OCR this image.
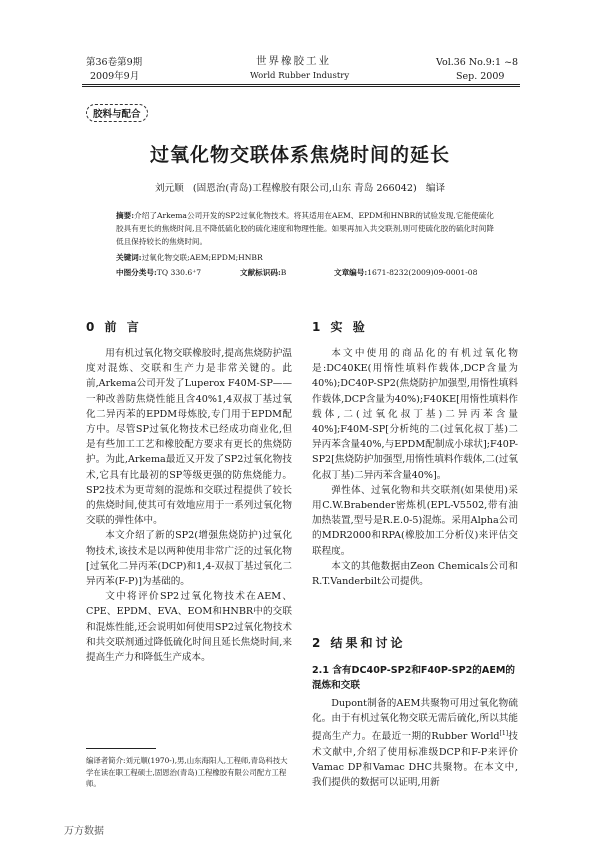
第36卷第9期
2009年9月
世界橡胶工业
World Rubber Industry
Vol.36 No.9:1 ~8
Sep. 2009
胶料与配合
过氧化物交联体系焦烧时间的延长
刘元顺   (固恩治(青岛)工程橡胶有限公司,山东 青岛 266042)   编译
摘要:介绍了Arkema公司开发的SP2过氧化物技术。将其适用在AEM、EPDM和HNBR的试验发现,它能使硫化胶具有更长的焦烧时间,且不降低硫化胶的硫化速度和物理性能。如果再加入共交联剂,则可使硫化胶的硫化时间降低且保持较长的焦烧时间。
关键词:过氧化物交联;AEM;EPDM;HNBR
中图分类号:TQ 330.6⁺7	文献标识码:B	文章编号:1671-8232(2009)09-0001-08
0 前 言

用有机过氧化物交联橡胶时,提高焦烧防护温度对混炼、交联和生产力是非常关键的。此前,Arkema公司开发了Luperox F40M-SP——一种改善防焦烧性能且含40%1,4双叔丁基过氧化二异丙苯的EPDM母炼胶,专门用于EPDM配方中。尽管SP过氧化物技术已经成功商业化,但是有些加工工艺和橡胶配方要求有更长的焦烧防护。为此,Arkema最近又开发了SP2过氧化物技术,它具有比最初的SP等级更强的防焦烧能力。SP2技术为更苛刻的混炼和交联过程提供了较长的焦烧时间,使其可有效地应用于一系列过氧化物交联的弹性体中。

本文介绍了新的SP2(增强焦烧防护)过氧化物技术,该技术是以两种使用非常广泛的过氧化物[过氧化二异丙苯(DCP)和1,4-双叔丁基过氧化二异丙苯(F-P)]为基础的。

文中将评价SP2过氧化物技术在AEM、CPE、EPDM、EVA、EOM和HNBR中的交联和混炼性能,还会说明如何使用SP2过氧化物技术和共交联剂通过降低硫化时间且延长焦烧时间,来提高生产力和降低生产成本。

编译者简介:刘元顺(1970-),男,山东海阳人,工程师,青岛科技大学在读在职工程硕士,固恩治(青岛)工程橡胶有限公司配方工程师。
1 实 验

本文中使用的商品化的有机过氧化物是:DC40KE(用惰性填料作载体,DCP含量为40%);DC40P-SP2(焦烧防护加强型,用惰性填料作载体,DCP含量为40%);F40KE[用惰性填料作载体,二(过氧化叔丁基)二异丙苯含量40%];F40M-SP[分析纯的二(过氧化叔丁基)二异丙苯含量40%,与EPDM配制成小球状];F40P-SP2[焦烧防护加强型,用惰性填料作载体,二(过氧化叔丁基)二异丙苯含量40%]。

弹性体、过氧化物和共交联剂(如果使用)采用C.W.Brabender密炼机(EPL-V5502,带有油加热装置,型号是R.E.0-5)混炼。采用Alpha公司的MDR2000和RPA(橡胶加工分析仪)来评估交联程度。

本文的其他数据由Zeon Chemicals公司和R.T.Vanderbilt公司提供。

2 结果和讨论
2.1 含有DC40P-SP2和F40P-SP2的AEM的混炼和交联

Dupont制备的AEM共聚物可用过氧化物硫化。由于有机过氧化物交联无需后硫化,所以其能提高生产力。在最近一期的Rubber World[1]技术文献中,介绍了使用标准级DCP和F-P来评价Vamac DP和Vamac DHC共聚物。在本文中,我们提供的数据可以证明,用新

万方数据
